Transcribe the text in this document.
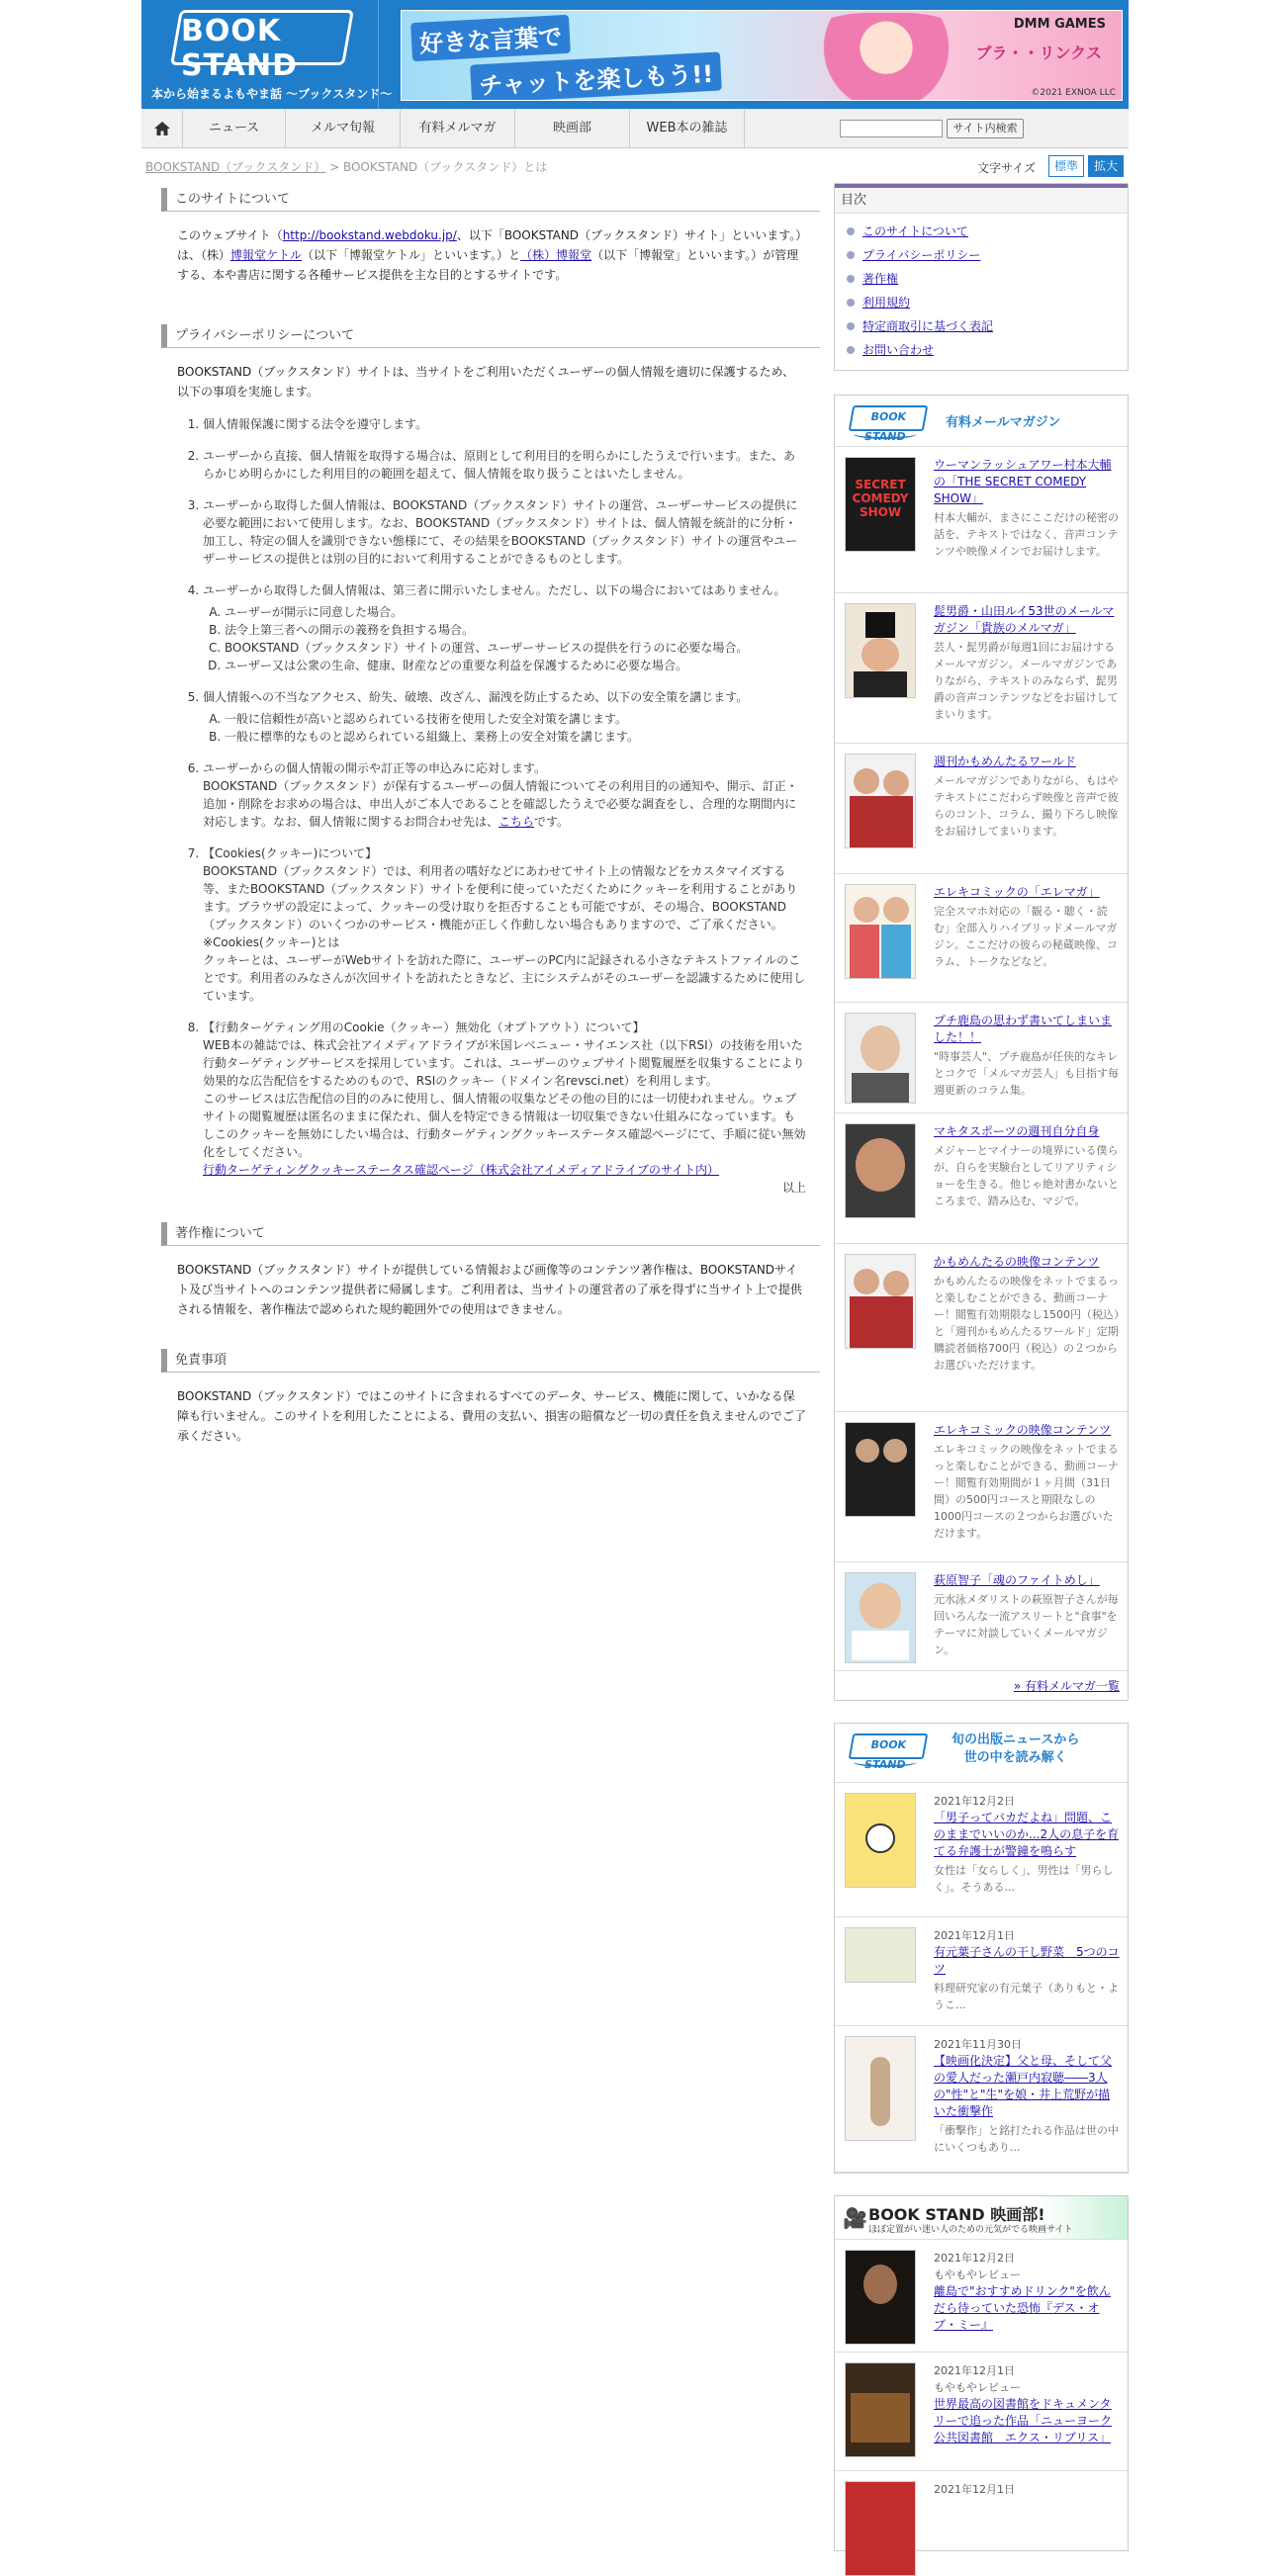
BOOK STAND
本から始まるよもやま話 ～ブックスタンド～
好きな言葉で
チャットを楽しもう!!
DMM GAMES
ブラ・・リンクス
©2021 EXNOA LLC
ニュース	メルマ旬報	有料メルマガ	映画部	WEB本の雑誌	サイト内検索
BOOKSTAND（ブックスタンド） > BOOKSTAND（ブックスタンド）とは	文字サイズ	標準	拡大
このサイトについて

このウェブサイト（http://bookstand.webdoku.jp/、以下「BOOKSTAND（ブックスタンド）サイト」といいます。）は、（株）博報堂ケトル（以下「博報堂ケトル」といいます。）と（株）博報堂（以下「博報堂」といいます。）が管理する、本や書店に関する各種サービス提供を主な目的とするサイトです。

プライバシーポリシーについて

BOOKSTAND（ブックスタンド）サイトは、当サイトをご利用いただくユーザーの個人情報を適切に保護するため、以下の事項を実施します。

1. 個人情報保護に関する法令を遵守します。
2. ユーザーから直接、個人情報を取得する場合は、原則として利用目的を明らかにしたうえで行います。また、あらかじめ明らかにした利用目的の範囲を超えて、個人情報を取り扱うことはいたしません。
3. ユーザーから取得した個人情報は、BOOKSTAND（ブックスタンド）サイトの運営、ユーザーサービスの提供に必要な範囲において使用します。なお、BOOKSTAND（ブックスタンド）サイトは、個人情報を統計的に分析・加工し、特定の個人を識別できない態様にて、その結果をBOOKSTAND（ブックスタンド）サイトの運営やユーザーサービスの提供とは別の目的において利用することができるものとします。
4. ユーザーから取得した個人情報は、第三者に開示いたしません。ただし、以下の場合においてはありません。
A. ユーザーが開示に同意した場合。
B. 法令上第三者への開示の義務を負担する場合。
C. BOOKSTAND（ブックスタンド）サイトの運営、ユーザーサービスの提供を行うのに必要な場合。
D. ユーザー又は公衆の生命、健康、財産などの重要な利益を保護するために必要な場合。
5. 個人情報への不当なアクセス、紛失、破壊、改ざん、漏洩を防止するため、以下の安全策を講じます。
A. 一般に信頼性が高いと認められている技術を使用した安全対策を講じます。
B. 一般に標準的なものと認められている組織上、業務上の安全対策を講じます。
6. ユーザーからの個人情報の開示や訂正等の申込みに応対します。
BOOKSTAND（ブックスタンド）が保有するユーザーの個人情報についてその利用目的の通知や、開示、訂正・追加・削除をお求めの場合は、申出人がご本人であることを確認したうえで必要な調査をし、合理的な期間内に対応します。なお、個人情報に関するお問合わせ先は、こちらです。
7. 【Cookies(クッキー)について】
BOOKSTAND（ブックスタンド）では、利用者の嗜好などにあわせてサイト上の情報などをカスタマイズする等、またBOOKSTAND（ブックスタンド）サイトを便利に使っていただくためにクッキーを利用することがあります。ブラウザの設定によって、クッキーの受け取りを拒否することも可能ですが、その場合、BOOKSTAND（ブックスタンド）のいくつかのサービス・機能が正しく作動しない場合もありますので、ご了承ください。
※Cookies(クッキー)とは
クッキーとは、ユーザーがWebサイトを訪れた際に、ユーザーのPC内に記録される小さなテキストファイルのことです。利用者のみなさんが次回サイトを訪れたときなど、主にシステムがそのユーザーを認識するために使用しています。
8. 【行動ターゲティング用のCookie（クッキー）無効化（オプトアウト）について】
WEB本の雑誌では、株式会社アイメディアドライブが米国レベニュー・サイエンス社（以下RSI）の技術を用いた行動ターゲティングサービスを採用しています。これは、ユーザーのウェブサイト閲覧履歴を収集することにより効果的な広告配信をするためのもので、RSIのクッキー（ドメイン名revsci.net）を利用します。
このサービスは広告配信の目的のみに使用し、個人情報の収集などその他の目的には一切使われません。ウェブサイトの閲覧履歴は匿名のままに保たれ、個人を特定できる情報は一切収集できない仕組みになっています。もしこのクッキーを無効にしたい場合は、行動ターゲティングクッキーステータス確認ページにて、手順に従い無効化をしてください。
行動ターゲティングクッキーステータス確認ページ（株式会社アイメディアドライブのサイト内）
以上
著作権について

BOOKSTAND（ブックスタンド）サイトが提供している情報および画像等のコンテンツ著作権は、BOOKSTANDサイト及び当サイトへのコンテンツ提供者に帰属します。ご利用者は、当サイトの運営者の了承を得ずに当サイト上で提供される情報を、著作権法で認められた規約範囲外での使用はできません。

免責事項

BOOKSTAND（ブックスタンド）ではこのサイトに含まれるすべてのデータ、サービス、機能に関して、いかなる保障も行いません。このサイトを利用したことによる、費用の支払い、損害の賠償など一切の責任を負えませんのでご了承ください。

目次
このサイトについて
プライバシーポリシー
著作権
利用規約
特定商取引に基づく表記
お問い合わせ
BOOK STAND
有料メールマガジン
SECRET COMEDY SHOW
ウーマンラッシュアワー村本大輔の「THE SECRET COMEDY SHOW」
村本大輔が、まさにここだけの秘密の話を、テキストではなく、音声コンテンツや映像メインでお届けします。
髭男爵・山田ルイ53世のメールマガジン「貴族のメルマガ」
芸人・髭男爵が毎週1回にお届けするメールマガジン。メールマガジンでありながら、テキストのみならず、髭男爵の音声コンテンツなどをお届けしてまいります。
週刊かもめんたるワールド
メールマガジンでありながら、もはやテキストにこだわらず映像と音声で彼らのコント、コラム、撮り下ろし映像をお届けしてまいります。
エレキコミックの「エレマガ」
完全スマホ対応の「観る・聴く・読む」全部入りハイブリッドメールマガジン。ここだけの彼らの秘蔵映像、コラム、トークなどなど。
プチ鹿島の思わず書いてしまいました！！
"時事芸人"、プチ鹿島が任侠的なキレとコクで「メルマガ芸人」も目指す毎週更新のコラム集。
マキタスポーツの週刊自分自身
メジャーとマイナーの境界にいる僕らが、自らを実験台としてリアリティショーを生きる。他じゃ絶対書かないところまで、踏み込む、マジで。
かもめんたるの映像コンテンツ
かもめんたるの映像をネットでまるっと楽しむことができる、動画コーナー！閲覧有効期限なし1500円（税込）と「週刊かもめんたるワールド」定期購読者価格700円（税込）の２つからお選びいただけます。
エレキコミックの映像コンテンツ
エレキコミックの映像をネットでまるっと楽しむことができる、動画コーナー！閲覧有効期間が１ヶ月間（31日間）の500円コースと期限なしの1000円コースの２つからお選びいただけます。
萩原智子「魂のファイトめし」
元水泳メダリストの萩原智子さんが毎回いろんな一流アスリートと"食事"をテーマに対談していくメールマガジン。
» 有料メルマガ一覧
BOOK STAND
旬の出版ニュースから
世の中を読み解く
2021年12月2日
「男子ってバカだよね」問題、このままでいいのか...2人の息子を育てる弁護士が警鐘を鳴らす
女性は「女らしく」、男性は「男らしく」。そうある...
2021年12月1日
有元葉子さんの干し野菜　5つのコツ
料理研究家の有元葉子（ありもと・ようこ...
2021年11月30日
【映画化決定】父と母、そして父の愛人だった瀬戸内寂聴――3人の"性"と"生"を娘・井上荒野が描いた衝撃作
「衝撃作」と銘打たれる作品は世の中にいくつもあり...
🎥 BOOK STAND 映画部!
ほぼ定置がい迷い人のための元気がでる映画サイト
2021年12月2日
もやもやレビュー
離島で"おすすめドリンク"を飲んだら待っていた恐怖『デス・オブ・ミー』
2021年12月1日
もやもやレビュー
世界最高の図書館をドキュメンタリーで追った作品「ニューヨーク公共図書館　エクス・リブリス」
2021年12月1日
